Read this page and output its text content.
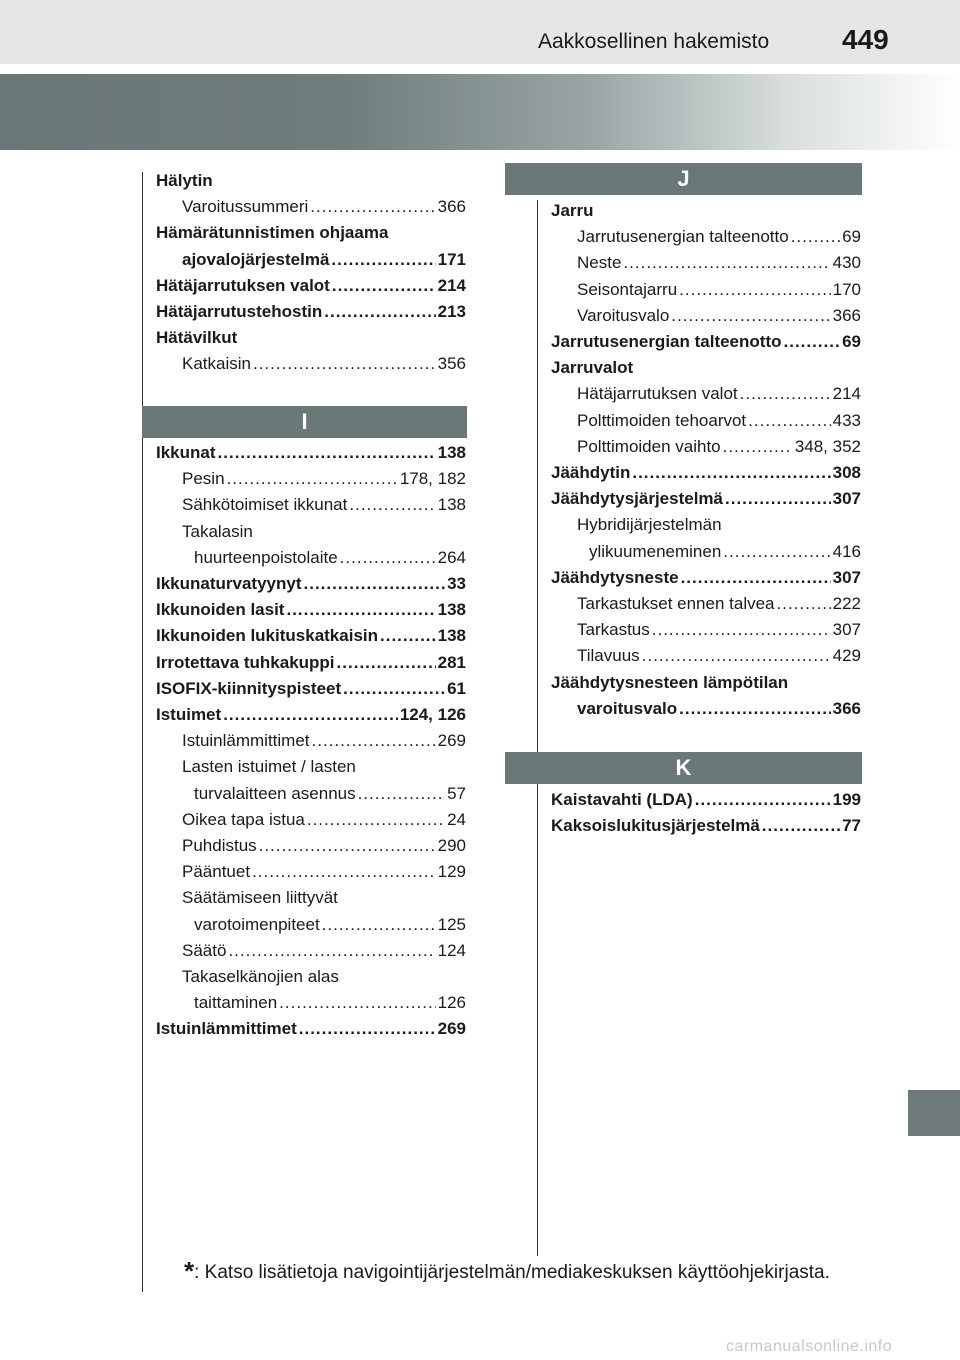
Aakkosellinen hakemisto	449
Hälytin
Varoitussummeri .....	366
Hämärätunnistimen ohjaama
ajovalojärjestelmä .....	171
Hätäjarrutuksen valot .....	214
Hätäjarrutustehostin .....	213
Hätävilkut
Katkaisin .....	356
I
Ikkunat .....	138
Pesin .....	178, 182
Sähkötoimiset ikkunat .....	138
Takalasin
huurteenpoistolaite .....	264
Ikkunaturvatyynyt .....	33
Ikkunoiden lasit .....	138
Ikkunoiden lukituskatkaisin .....	138
Irrotettava tuhkakuppi .....	281
ISOFIX-kiinnityspisteet .....	61
Istuimet .....	124, 126
Istuinlämmittimet .....	269
Lasten istuimet / lasten
turvalaitteen asennus .....	57
Oikea tapa istua .....	24
Puhdistus .....	290
Pääntuet .....	129
Säätämiseen liittyvät
varotoimenpiteet .....	125
Säätö .....	124
Takaselkänojien alas
taittaminen .....	126
Istuinlämmittimet .....	269
J
Jarru
Jarrutusenergian talteenotto .....	69
Neste .....	430
Seisontajarru .....	170
Varoitusvalo .....	366
Jarrutusenergian talteenotto .....	69
Jarruvalot
Hätäjarrutuksen valot .....	214
Polttimoiden tehoarvot .....	433
Polttimoiden vaihto .....	348, 352
Jäähdytin .....	308
Jäähdytysjärjestelmä .....	307
Hybridijärjestelmän
ylikuumeneminen .....	416
Jäähdytysneste .....	307
Tarkastukset ennen talvea .....	222
Tarkastus .....	307
Tilavuus .....	429
Jäähdytysnesteen lämpötilan
varoitusvalo .....	366
K
Kaistavahti (LDA) .....	199
Kaksoislukitusjärjestelmä .....	77
*: Katso lisätietoja navigointijärjestelmän/mediakeskuksen käyttöohjekirjasta.
carmanualsonline.info
